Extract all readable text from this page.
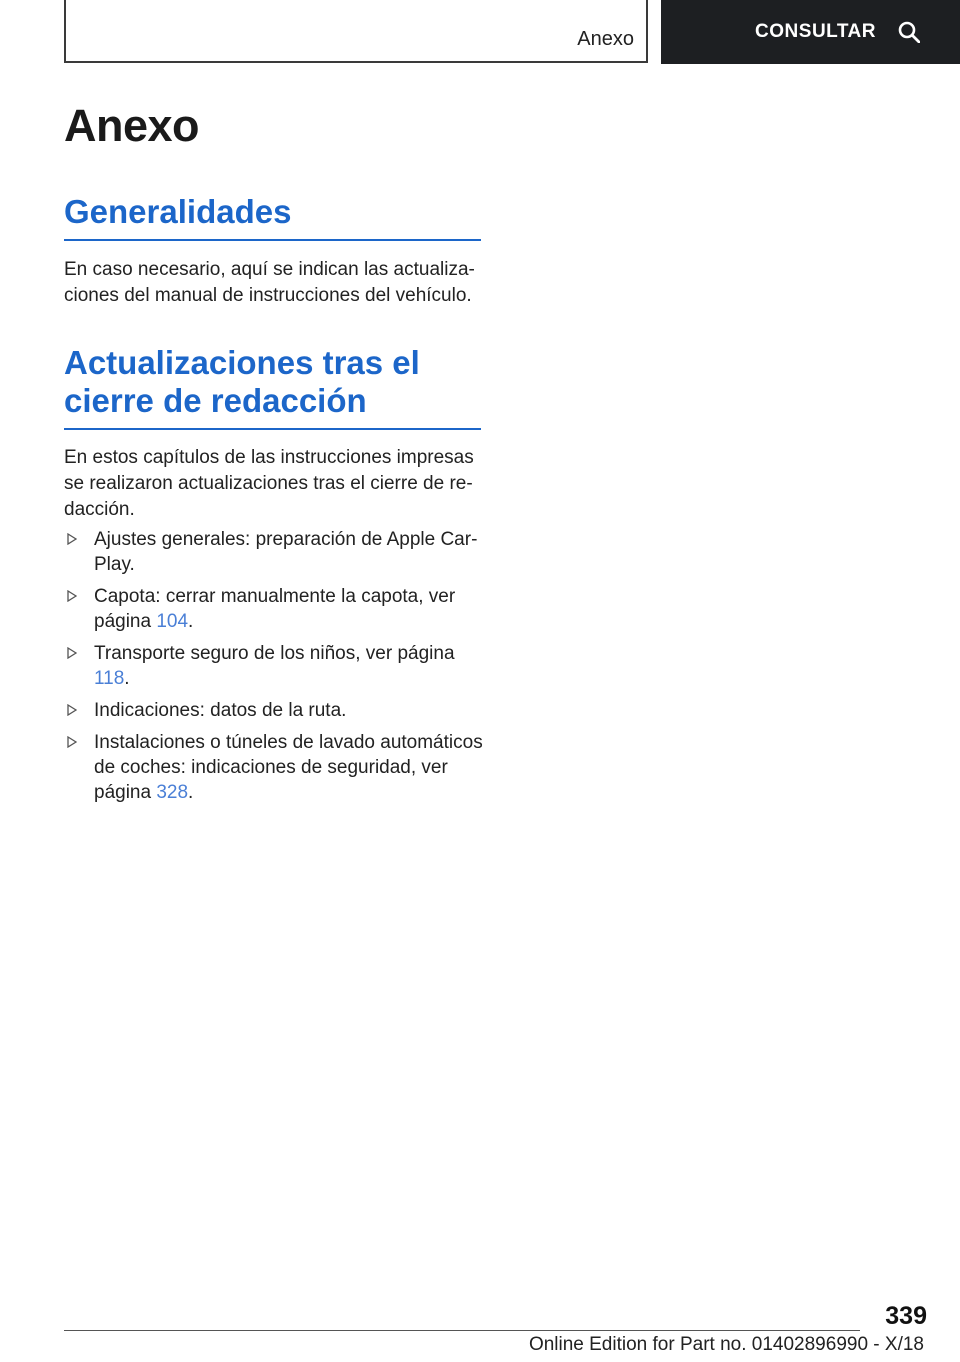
Anexo	CONSULTAR
Anexo
Generalidades

En caso necesario, aquí se indican las actualizaciones del manual de instrucciones del vehículo.

Actualizaciones tras el cierre de redacción

En estos capítulos de las instrucciones impresas se realizaron actualizaciones tras el cierre de redacción.

Ajustes generales: preparación de Apple CarPlay.
Capota: cerrar manualmente la capota, ver página 104.
Transporte seguro de los niños, ver página 118.
Indicaciones: datos de la ruta.
Instalaciones o túneles de lavado automáticos de coches: indicaciones de seguridad, ver página 328.
339
Online Edition for Part no. 01402896990 - X/18
